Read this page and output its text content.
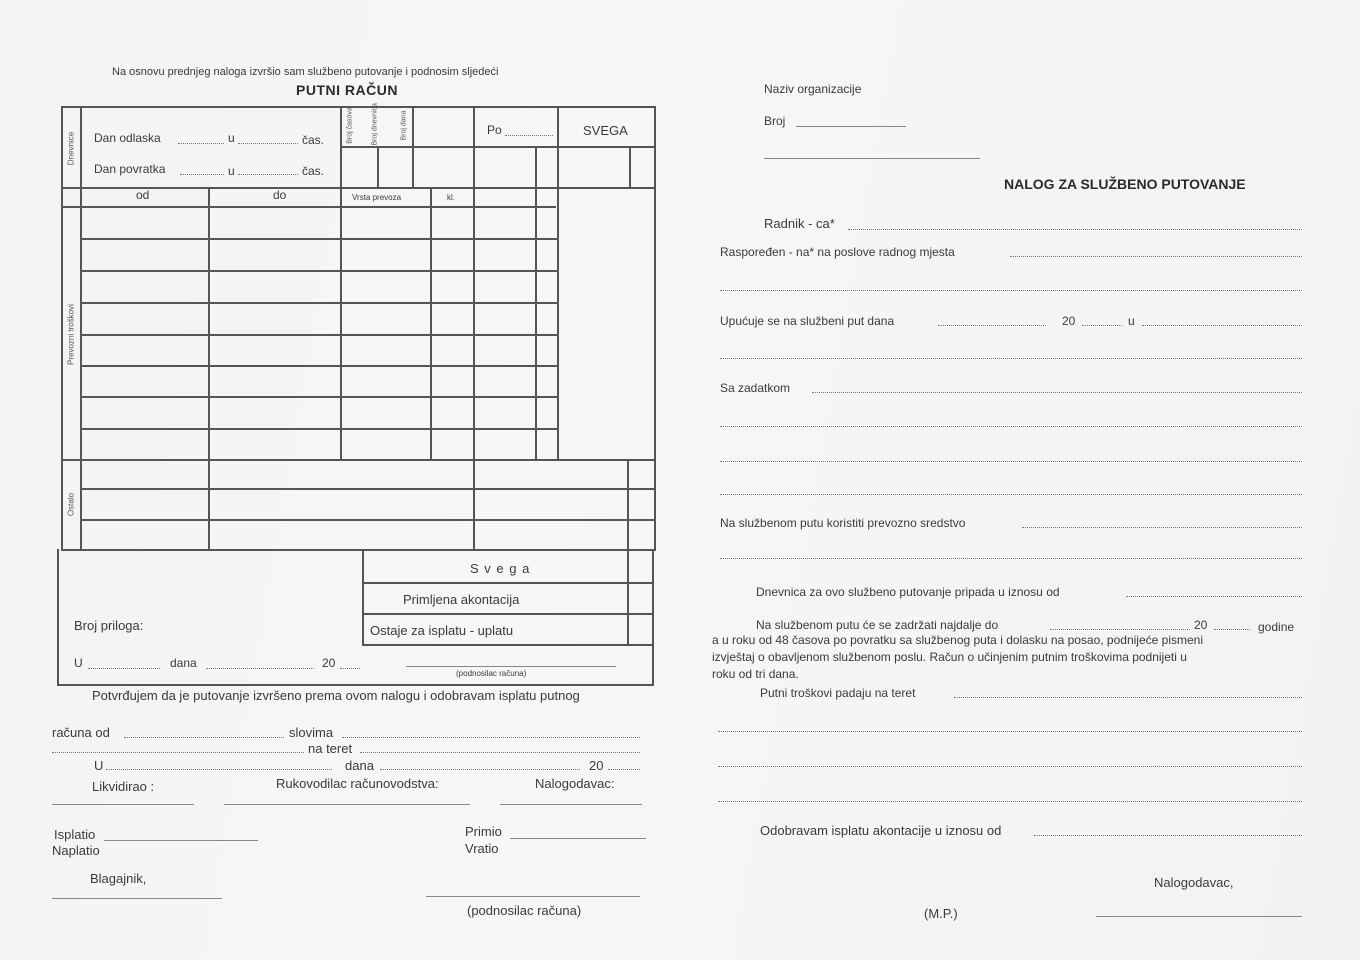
Na osnovu prednjeg naloga izvršio sam službeno putovanje i podnosim sljedeći
PUTNI RAČUN
Dnevnice
Prevozni troškovi
Ostalo
Dan odlaska	u	čas.
Dan povratka	u	čas.
Broj časova	Broj dnevnica	Broj dana	Po	SVEGA
od	do	Vrsta prevoza	kl.
S v e g a
Primljena akontacija
Broj priloga:	Ostaje za isplatu - uplatu
U	dana	20
(podnosilac računa)
Potvrđujem da je putovanje izvršeno prema ovom nalogu i odobravam isplatu putnog
računa od	slovima
na teret
U	dana	20
Likvidirao :	Rukovodilac računovodstva:	Nalogodavac:
Isplatio
Naplatio
Primio
Vratio
Blagajnik,
(podnosilac računa)
Naziv organizacije
Broj
NALOG ZA SLUŽBENO PUTOVANJE
Radnik - ca*
Raspoređen - na* na poslove radnog mjesta
Upućuje se na službeni put dana	20	u
Sa zadatkom
Na službenom putu koristiti prevozno sredstvo
Dnevnica za ovo službeno putovanje pripada u iznosu od
Na službenom putu će se zadržati najdalje do	20	godine
a u roku od 48 časova po povratku sa službenog puta i dolasku na posao, podnijeće pismeni
izvještaj o obavljenom službenom poslu. Račun o učinjenim putnim troškovima podnijeti u
roku od tri dana.
Putni troškovi padaju na teret
Odobravam isplatu akontacije u iznosu od
Nalogodavac,
(M.P.)
